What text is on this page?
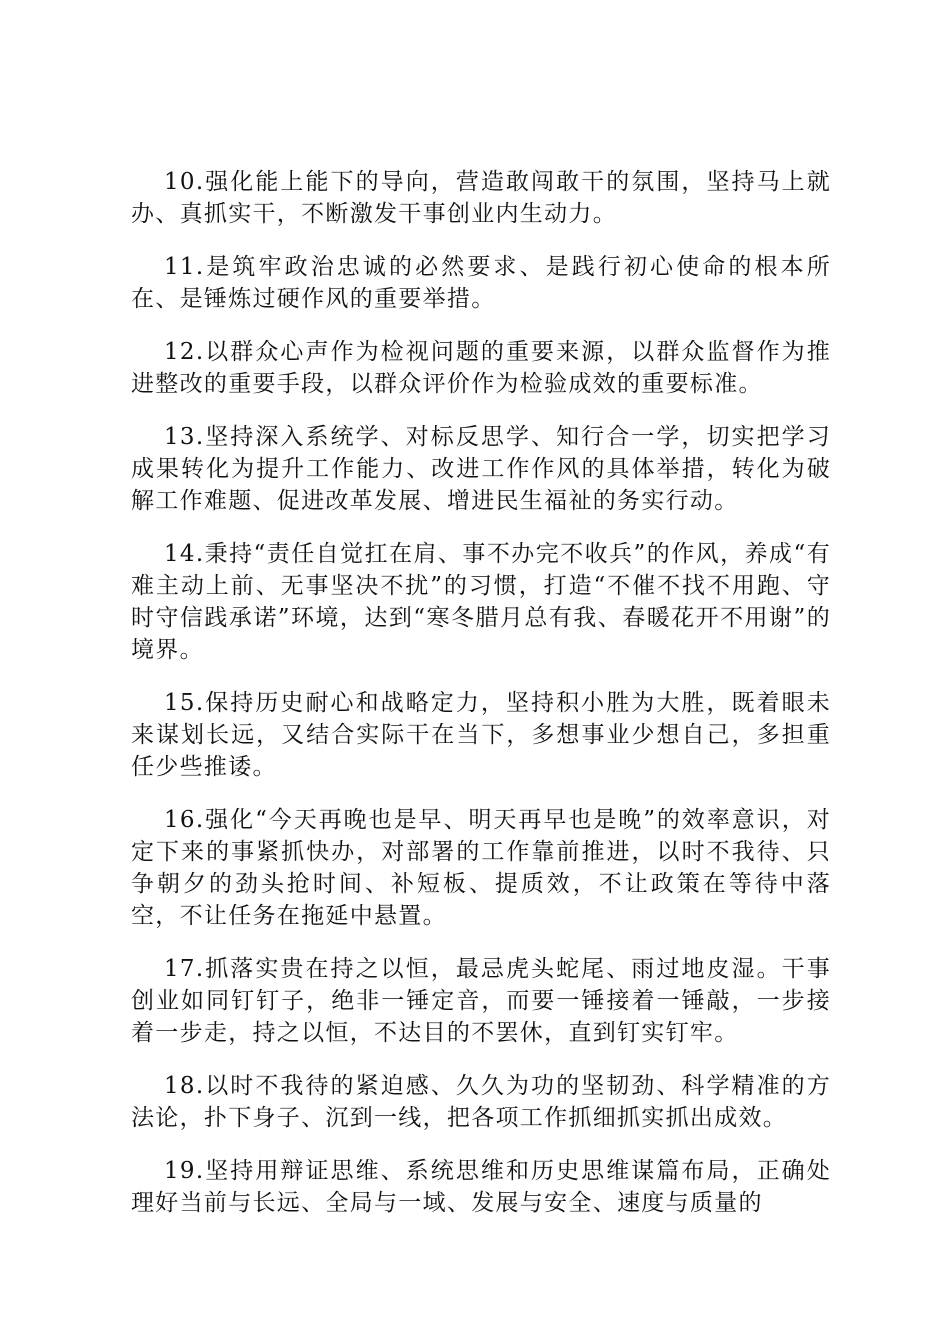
10.强化能上能下的导向，营造敢闯敢干的氛围，坚持马上就办、真抓实干，不断激发干事创业内生动力。

11.是筑牢政治忠诚的必然要求、是践行初心使命的根本所在、是锤炼过硬作风的重要举措。

12.以群众心声作为检视问题的重要来源，以群众监督作为推进整改的重要手段，以群众评价作为检验成效的重要标准。

13.坚持深入系统学、对标反思学、知行合一学，切实把学习成果转化为提升工作能力、改进工作作风的具体举措，转化为破解工作难题、促进改革发展、增进民生福祉的务实行动。

14.秉持“责任自觉扛在肩、事不办完不收兵”的作风，养成“有难主动上前、无事坚决不扰”的习惯，打造“不催不找不用跑、守时守信践承诺”环境，达到“寒冬腊月总有我、春暖花开不用谢”的境界。

15.保持历史耐心和战略定力，坚持积小胜为大胜，既着眼未来谋划长远，又结合实际干在当下，多想事业少想自己，多担重任少些推诿。

16.强化“今天再晚也是早、明天再早也是晚”的效率意识，对定下来的事紧抓快办，对部署的工作靠前推进，以时不我待、只争朝夕的劲头抢时间、补短板、提质效，不让政策在等待中落空，不让任务在拖延中悬置。

17.抓落实贵在持之以恒，最忌虎头蛇尾、雨过地皮湿。干事创业如同钉钉子，绝非一锤定音，而要一锤接着一锤敲，一步接着一步走，持之以恒，不达目的不罢休，直到钉实钉牢。

18.以时不我待的紧迫感、久久为功的坚韧劲、科学精准的方法论，扑下身子、沉到一线，把各项工作抓细抓实抓出成效。

19.坚持用辩证思维、系统思维和历史思维谋篇布局，正确处理好当前与长远、全局与一域、发展与安全、速度与质量的
